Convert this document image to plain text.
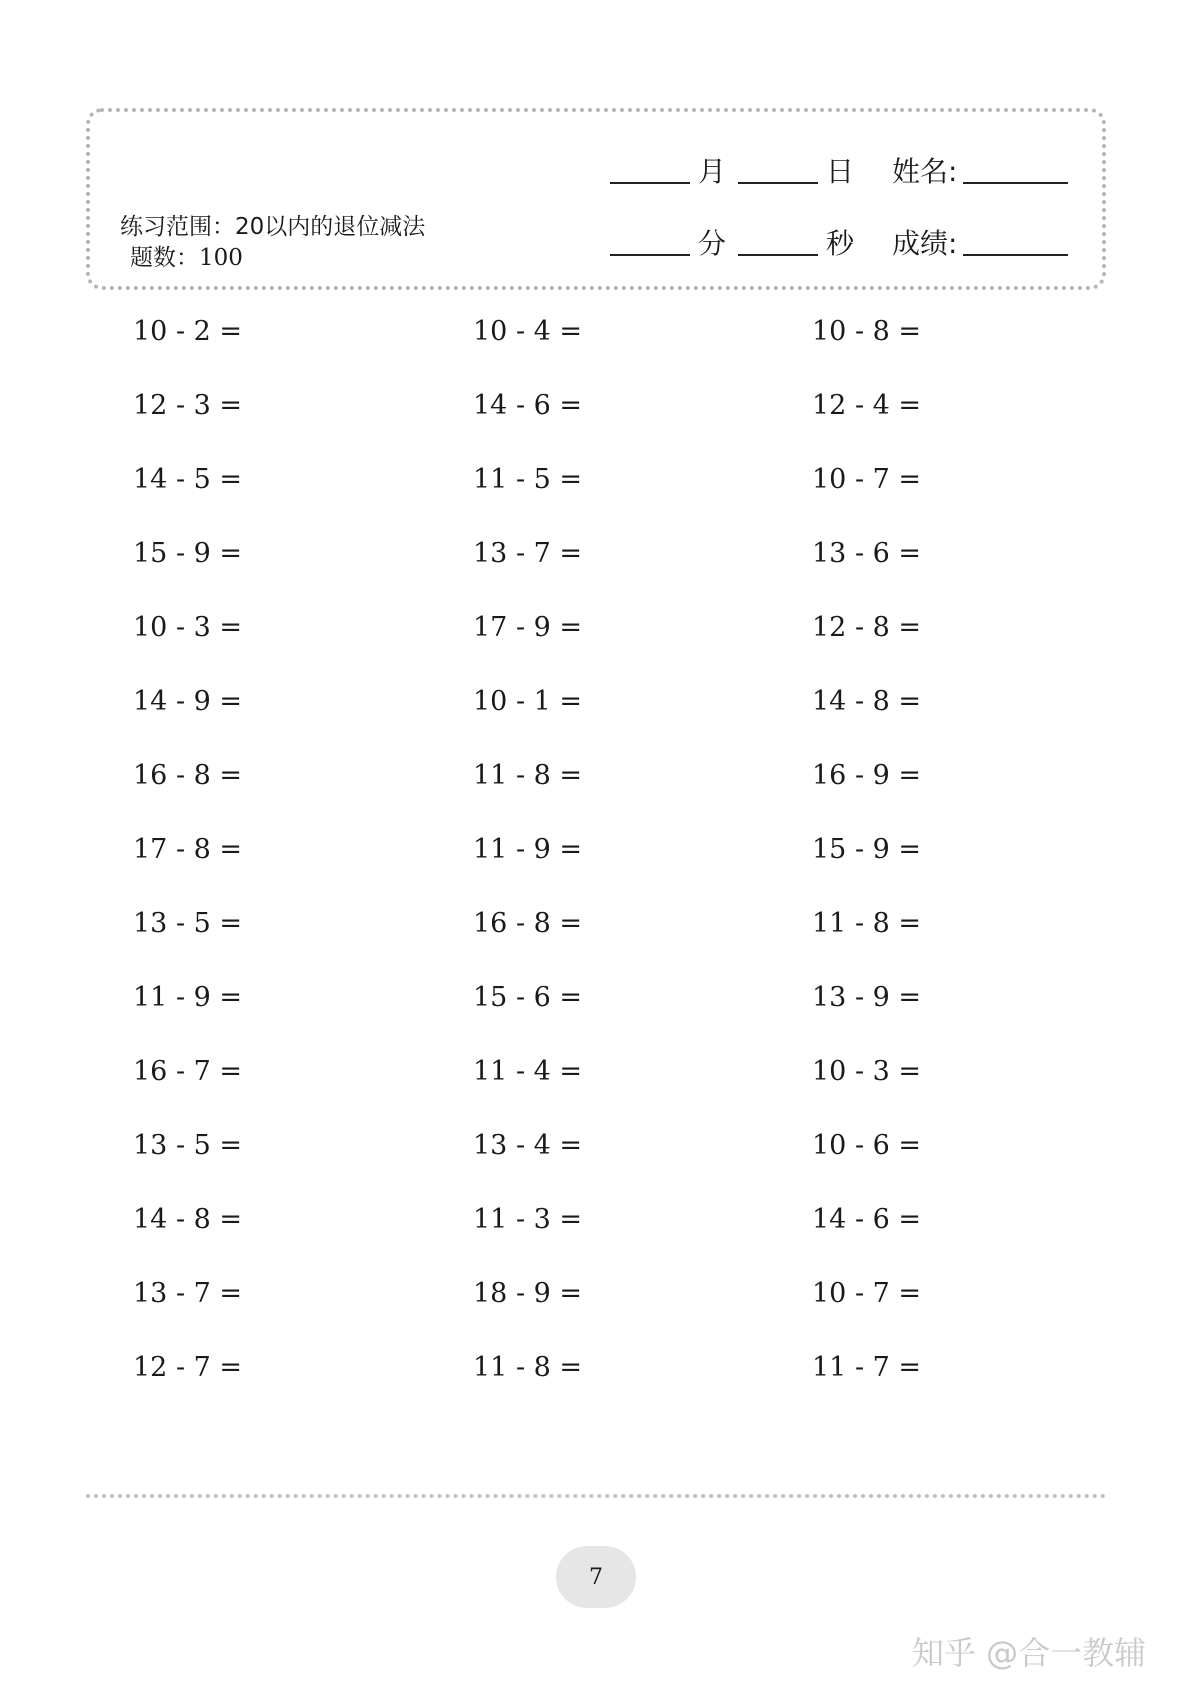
练习范围：20以内的退位减法 题数：100
月	日 姓名:
分	秒 成绩:
10 - 2 =
12 - 3 =
14 - 5 =
15 - 9 =
10 - 3 =
14 - 9 =
16 - 8 =
17 - 8 =
13 - 5 =
11 - 9 =
16 - 7 =
13 - 5 =
14 - 8 =
13 - 7 =
12 - 7 =
10 - 4 =
14 - 6 =
11 - 5 =
13 - 7 =
17 - 9 =
10 - 1 =
11 - 8 =
11 - 9 =
16 - 8 =
15 - 6 =
11 - 4 =
13 - 4 =
11 - 3 =
18 - 9 =
11 - 8 =
10 - 8 =
12 - 4 =
10 - 7 =
13 - 6 =
12 - 8 =
14 - 8 =
16 - 9 =
15 - 9 =
11 - 8 =
13 - 9 =
10 - 3 =
10 - 6 =
14 - 6 =
10 - 7 =
11 - 7 =
7
知乎 @合一教辅
